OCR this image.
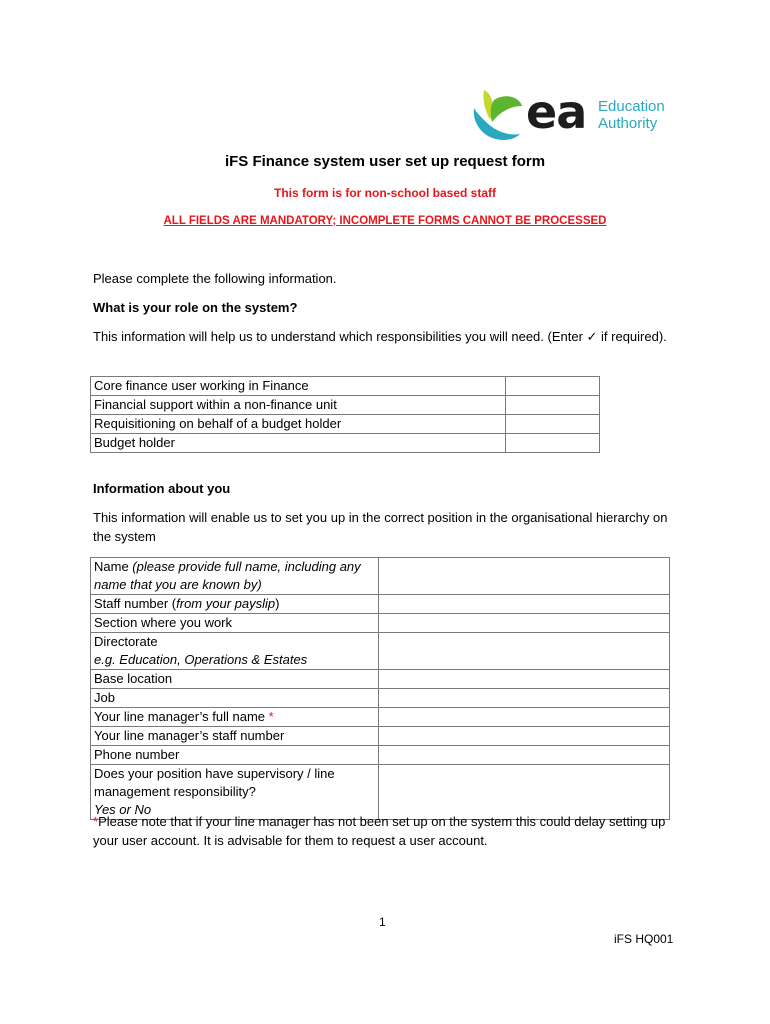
ea Education
Authority
iFS Finance system user set up request form
This form is for non-school based staff
ALL FIELDS ARE MANDATORY; INCOMPLETE FORMS CANNOT BE PROCESSED
Please complete the following information.
What is your role on the system?
This information will help us to understand which responsibilities you will need. (Enter ✓ if required).
Core finance user working in Finance	
Financial support within a non-finance unit	
Requisitioning on behalf of a budget holder	
Budget holder	
Information about you
This information will enable us to set you up in the correct position in the organisational hierarchy on the system
Name (please provide full name, including any name that you are known by)	
Staff number (from your payslip)	
Section where you work	

Directorate
e.g. Education, Operations & Estates	

Base location	
Job	
Your line manager’s full name *	
Your line manager’s staff number	
Phone number	

Does your position have supervisory / line management responsibility?
Yes or No	

*Please note that if your line manager has not been set up on the system this could delay setting up your user account. It is advisable for them to request a user account.
1
iFS HQ001
